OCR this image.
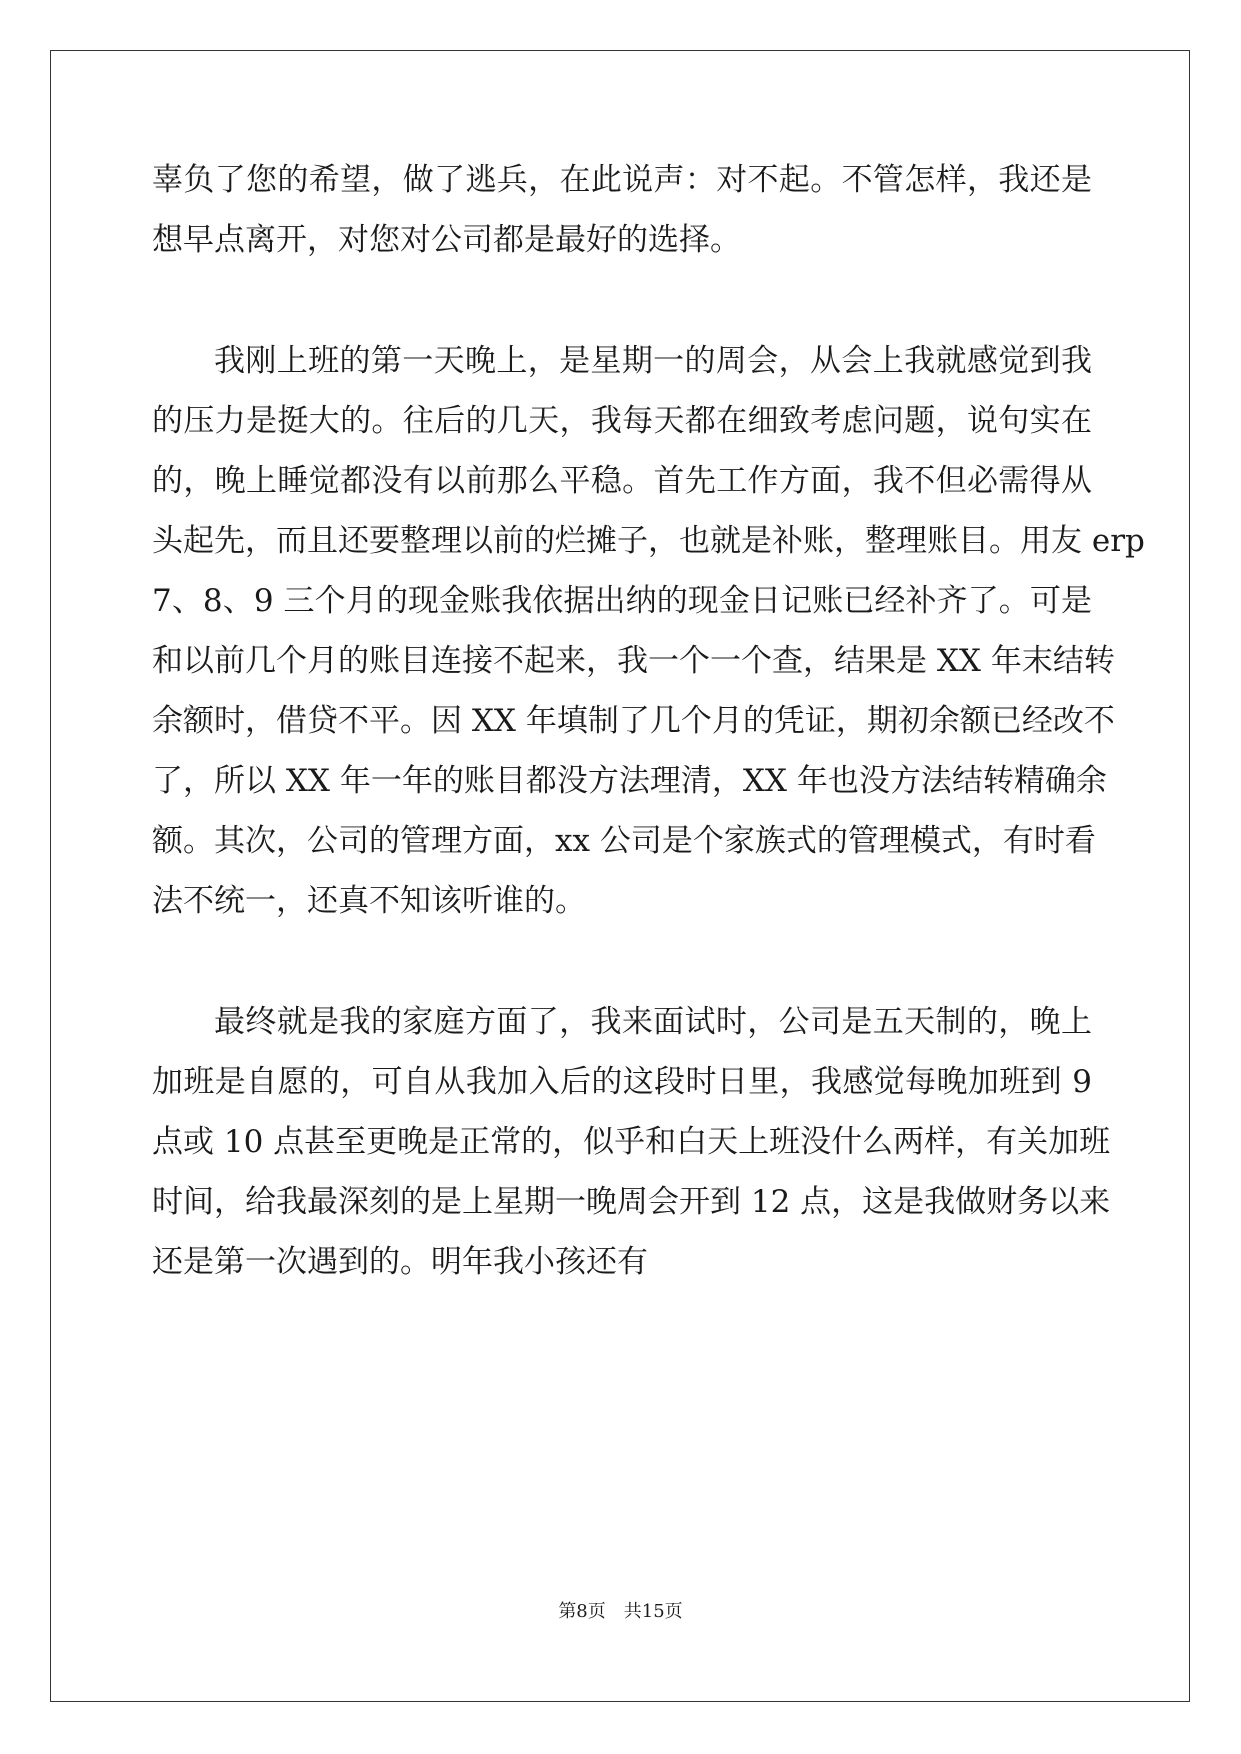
辜负了您的希望，做了逃兵，在此说声：对不起。不管怎样，我还是
想早点离开，对您对公司都是最好的选择。
我刚上班的第一天晚上，是星期一的周会，从会上我就感觉到我
的压力是挺大的。往后的几天，我每天都在细致考虑问题，说句实在
的，晚上睡觉都没有以前那么平稳。首先工作方面，我不但必需得从
头起先，而且还要整理以前的烂摊子，也就是补账，整理账目。用友 erp
7、8、9 三个月的现金账我依据出纳的现金日记账已经补齐了。可是
和以前几个月的账目连接不起来，我一个一个查，结果是 XX 年末结转
余额时，借贷不平。因 XX 年填制了几个月的凭证，期初余额已经改不
了，所以 XX 年一年的账目都没方法理清，XX 年也没方法结转精确余
额。其次，公司的管理方面，xx 公司是个家族式的管理模式，有时看
法不统一，还真不知该听谁的。
最终就是我的家庭方面了，我来面试时，公司是五天制的，晚上
加班是自愿的，可自从我加入后的这段时日里，我感觉每晚加班到 9
点或 10 点甚至更晚是正常的，似乎和白天上班没什么两样，有关加班
时间，给我最深刻的是上星期一晚周会开到 12 点，这是我做财务以来
还是第一次遇到的。明年我小孩还有
第8页 共15页
